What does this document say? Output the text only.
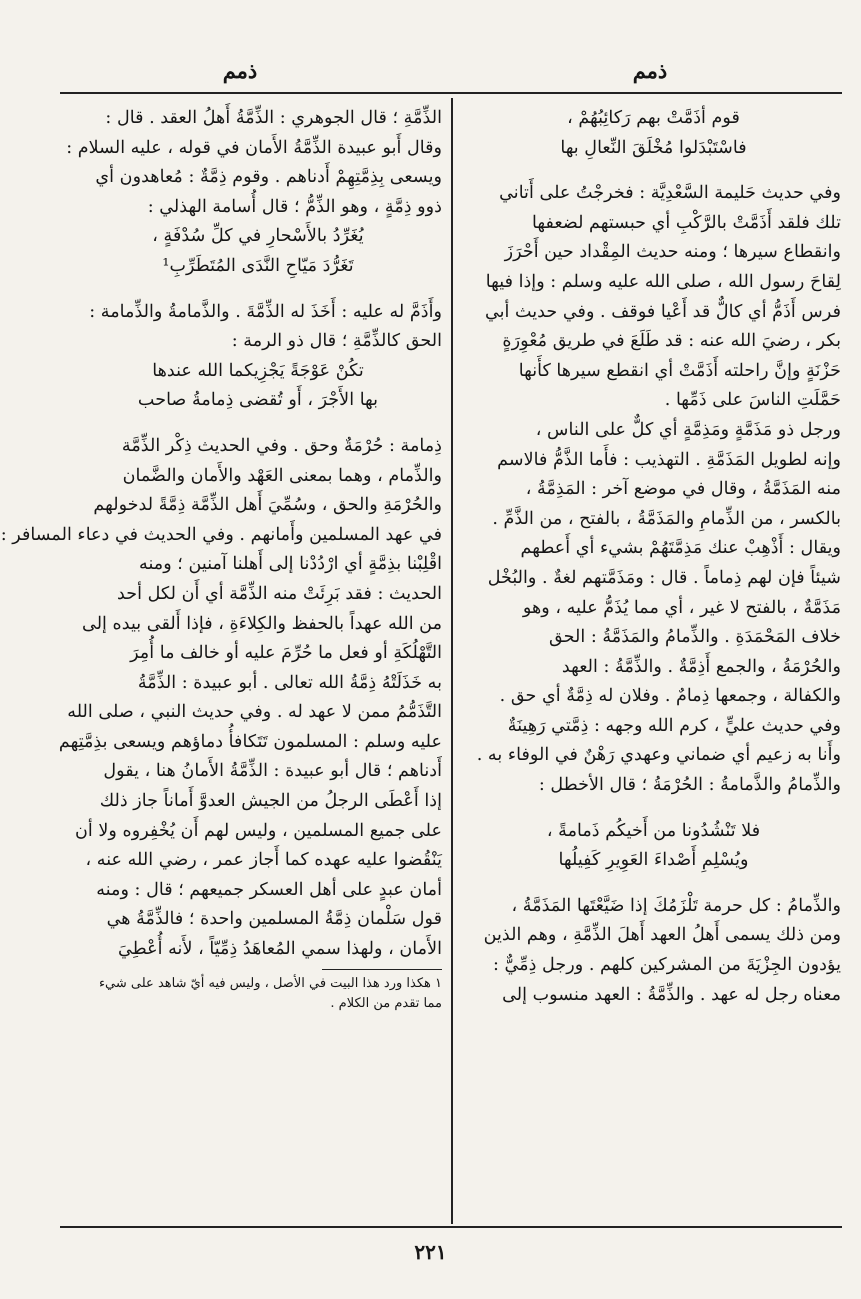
ذمم
ذمم
قوم أذَمَّتْ بهم رَكائِبُهُمْ ،
فاسْتَبْدَلوا مُخْلَقَ النِّعالِ بها
وفي حديث حَليمة السَّعْدِيَّة : فخرجْتُ على أَتاني
تلك فلقد أَذَمَّتْ بالرَّكْبِ أي حبستهم لضعفها
وانقطاع سيرها ؛ ومنه حديث المِقْداد حين أَحْرَزَ
لِقاحَ رسول الله ، صلى الله عليه وسلم : وإذا فيها
فرس أَذَمُّ أي كالٌّ قد أَعْيا فوقف . وفي حديث أبي
بكر ، رضيَ الله عنه : قد طَلَعَ في طريق مُعْوِرَةٍ
حَزْنَةٍ وإنَّ راحلته أَذَمَّتْ أي انقطع سيرها كأَنها
حَمَّلَتِ الناسَ على ذَمِّها .
ورجل ذو مَذَمَّةٍ ومَذِمَّةٍ أي كلٌّ على الناس ،
وإنه لطويل المَذَمَّةِ . التهذيب : فأَما الذَّمُّ فالاسم
منه المَذَمَّةُ ، وقال في موضع آخر : المَذِمَّةُ ،
بالكسر ، من الذِّمامِ والمَذَمَّةُ ، بالفتح ، من الذَّمِّ .
ويقال : أَذْهِبْ عنك مَذِمَّتَهُمْ بشيء أي أَعطهم
شيئاً فإن لهم ذِماماً . قال : ومَذَمَّتهم لغةٌ . والبُخْل
مَذَمَّةٌ ، بالفتح لا غير ، أي مما يُذَمُّ عليه ، وهو
خلاف المَحْمَدَةِ . والذِّمامُ والمَذَمَّةُ : الحق
والحُرْمَةُ ، والجمع أَذِمَّةٌ . والذِّمَّةُ : العهد
والكفالة ، وجمعها ذِمامٌ . وفلان له ذِمَّةٌ أي حق .
وفي حديث عليٍّ ، كرم الله وجهه : ذِمَّتي رَهِينَةٌ
وأَنا به زعيم أي ضماني وعهدي رَهْنٌ في الوفاء به .
والذِّمامُ والذَّمامةُ : الحُرْمَةُ ؛ قال الأخطل :
فلا تَنْشُدُونا من أَخيكُم ذَمامةً ،
ويُسْلِمِ أَصْداءَ العَوِيرِ كَفِيلُها
والذِّمامُ : كل حرمة تَلْزَمُكَ إذا ضَيَّعْتَها المَذَمَّةُ ،
ومن ذلك يسمى أَهلُ العهد أَهلَ الذِّمَّةِ ، وهم الذين
يؤدون الجِزْيَةَ من المشركين كلهم . ورجل ذِمِّيٌّ :
معناه رجل له عهد . والذِّمَّةُ : العهد منسوب إلى
الذِّمَّةِ ؛ قال الجوهري : الذِّمَّةُ أَهلُ العقد . قال :
وقال أَبو عبيدة الذِّمَّةُ الأَمان في قوله ، عليه السلام :
ويسعى بِذِمَّتِهِمْ أَدناهم . وقوم ذِمَّةٌ : مُعاهدون أي
ذوو ذِمَّةٍ ، وهو الذِّمُّ ؛ قال أُسامة الهذلي :
يُغَرِّدُ بالأَسْحارِ في كلِّ سُدْفَةٍ ،
تَغَرُّدَ مَيّاحِ النَّدَى المُتَطَرِّبِ¹
وأَذَمَّ له عليه : أَخَذَ له الذِّمَّةَ . والذَّمامةُ والذِّمامة :
الحق كالذِّمَّةِ ؛ قال ذو الرمة :
تكُنْ عَوْجَةً يَجْزِيكما الله عندها
بها الأَجْرَ ، أَو تُقضى ذِمامةُ صاحب
ذِمامة : حُرْمَةٌ وحق . وفي الحديث ذِكْر الذِّمَّة
والذِّمام ، وهما بمعنى العَهْد والأَمان والضَّمان
والحُرْمَةِ والحق ، وسُمِّيَ أَهل الذِّمَّة ذِمَّةً لدخولهم
في عهد المسلمين وأَمانهم . وفي الحديث في دعاء المسافر :
اقْلِبْنا بذِمَّةٍ أي ارْدُدْنا إلى أَهلنا آمنين ؛ ومنه
الحديث : فقد بَرِئَتْ منه الذِّمَّة أي أَن لكل أحد
من الله عهداً بالحفظ والكِلاءَةِ ، فإذا أَلقى بيده إلى
التَّهْلُكَةِ أو فعل ما حُرِّمَ عليه أو خالف ما أُمِرَ
به خَذَلَتْهُ ذِمَّةُ الله تعالى . أبو عبيدة : الذِّمَّةُ
التَّذَمُّمُ ممن لا عهد له . وفي حديث النبي ، صلى الله
عليه وسلم : المسلمون تَتَكافأُ دماؤهم ويسعى بذِمَّتِهم
أَدناهم ؛ قال أبو عبيدة : الذِّمَّةُ الأَمانُ هنا ، يقول
إذا أَعْطَى الرجلُ من الجيش العدوَّ أَماناً جاز ذلك
على جميع المسلمين ، وليس لهم أَن يُخْفِروه ولا أن
يَنْقُضوا عليه عهده كما أَجاز عمر ، رضي الله عنه ،
أمان عبدٍ على أهل العسكر جميعهم ؛ قال : ومنه
قول سَلْمان ذِمَّةُ المسلمين واحدة ؛ فالذِّمَّةُ هي
الأَمان ، ولهذا سمي المُعاهَدُ ذِمِّيّاً ، لأَنه أُعْطِيَ
١ هكذا ورد هذا البيت في الأصل ، وليس فيه أيّ شاهد على شيء
مما تقدم من الكلام .
٢٢١
